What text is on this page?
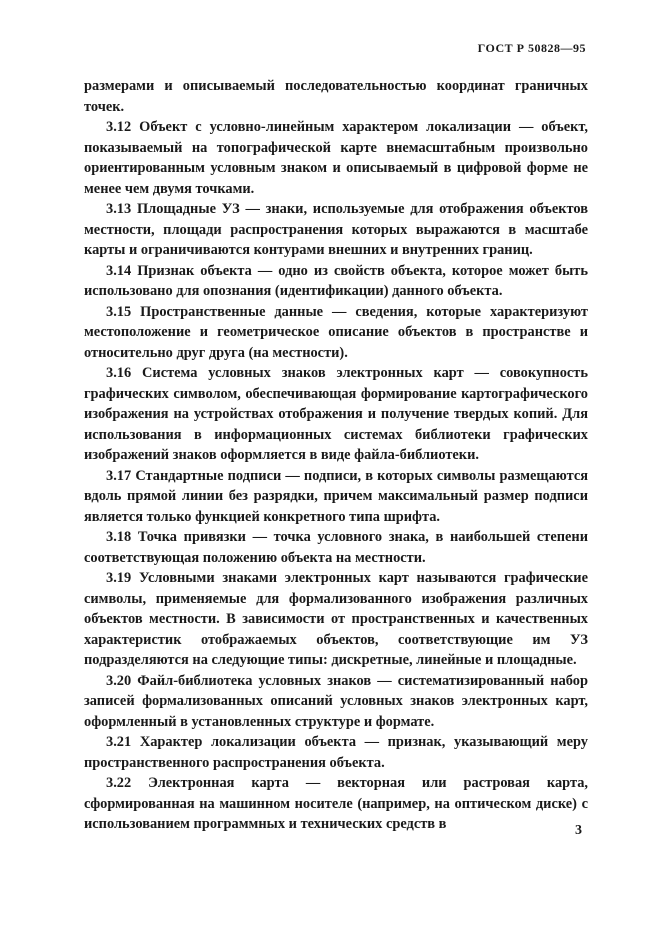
ГОСТ Р 50828—95

размерами и описываемый последовательностью координат граничных точек.

3.12 Объект с условно-линейным характером локализации — объект, показываемый на топографической карте внемасштабным произвольно ориентированным условным знаком и описываемый в цифровой форме не менее чем двумя точками.

3.13 Площадные УЗ — знаки, используемые для отображения объектов местности, площади распространения которых выражаются в масштабе карты и ограничиваются контурами внешних и внутренних границ.

3.14 Признак объекта — одно из свойств объекта, которое может быть использовано для опознания (идентификации) данного объекта.

3.15 Пространственные данные — сведения, которые характеризуют местоположение и геометрическое описание объектов в пространстве и относительно друг друга (на местности).

3.16 Система условных знаков электронных карт — совокупность графических символом, обеспечивающая формирование картографического изображения на устройствах отображения и получение твердых копий. Для использования в информационных системах библиотеки графических изображений знаков оформляется в виде файла-библиотеки.

3.17 Стандартные подписи — подписи, в которых символы размещаются вдоль прямой линии без разрядки, причем максимальный размер подписи является только функцией конкретного типа шрифта.

3.18 Точка привязки — точка условного знака, в наибольшей степени соответствующая положению объекта на местности.

3.19 Условными знаками электронных карт называются графические символы, применяемые для формализованного изображения различных объектов местности. В зависимости от пространственных и качественных характеристик отображаемых объектов, соответствующие им УЗ подразделяются на следующие типы: дискретные, линейные и площадные.

3.20 Файл-библиотека условных знаков — систематизированный набор записей формализованных описаний условных знаков электронных карт, оформленный в установленных структуре и формате.

3.21 Характер локализации объекта — признак, указывающий меру пространственного распространения объекта.

3.22 Электронная карта — векторная или растровая карта, сформированная на машинном носителе (например, на оптическом диске) с использованием программных и технических средств в	3
